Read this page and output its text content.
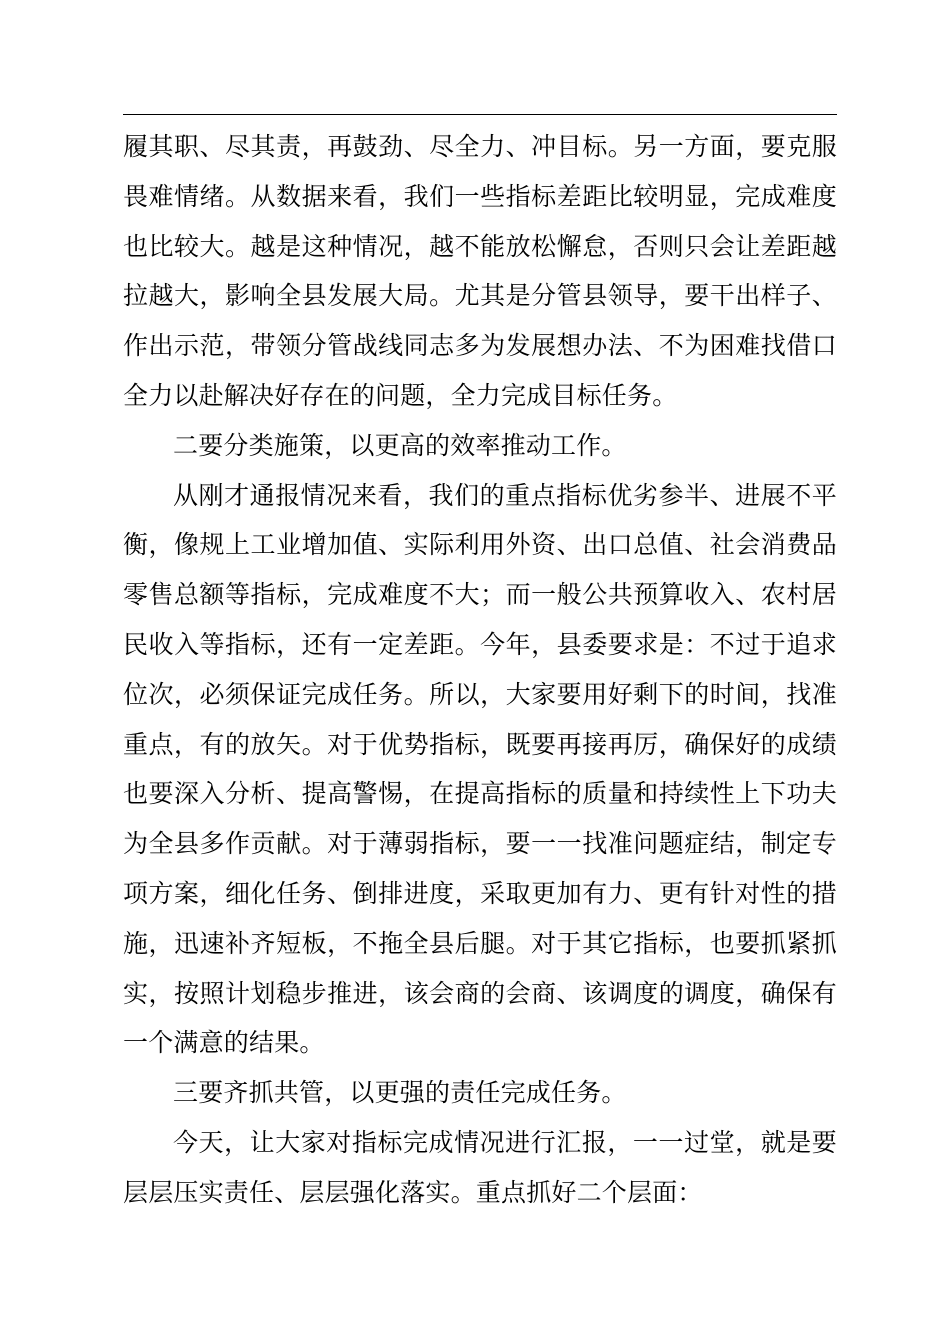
履其职、尽其责，再鼓劲、尽全力、冲目标。另一方面，要克服畏难情绪。从数据来看，我们一些指标差距比较明显，完成难度也比较大。越是这种情况，越不能放松懈怠，否则只会让差距越拉越大，影响全县发展大局。尤其是分管县领导，要干出样子、作出示范，带领分管战线同志多为发展想办法、不为困难找借口全力以赴解决好存在的问题，全力完成目标任务。

二要分类施策，以更高的效率推动工作。

从刚才通报情况来看，我们的重点指标优劣参半、进展不平衡，像规上工业增加值、实际利用外资、出口总值、社会消费品零售总额等指标，完成难度不大；而一般公共预算收入、农村居民收入等指标，还有一定差距。今年，县委要求是：不过于追求位次，必须保证完成任务。所以，大家要用好剩下的时间，找准重点，有的放矢。对于优势指标，既要再接再厉，确保好的成绩也要深入分析、提高警惕，在提高指标的质量和持续性上下功夫为全县多作贡献。对于薄弱指标，要一一找准问题症结，制定专项方案，细化任务、倒排进度，采取更加有力、更有针对性的措施，迅速补齐短板，不拖全县后腿。对于其它指标，也要抓紧抓实，按照计划稳步推进，该会商的会商、该调度的调度，确保有一个满意的结果。

三要齐抓共管，以更强的责任完成任务。

今天，让大家对指标完成情况进行汇报，一一过堂，就是要层层压实责任、层层强化落实。重点抓好二个层面：
